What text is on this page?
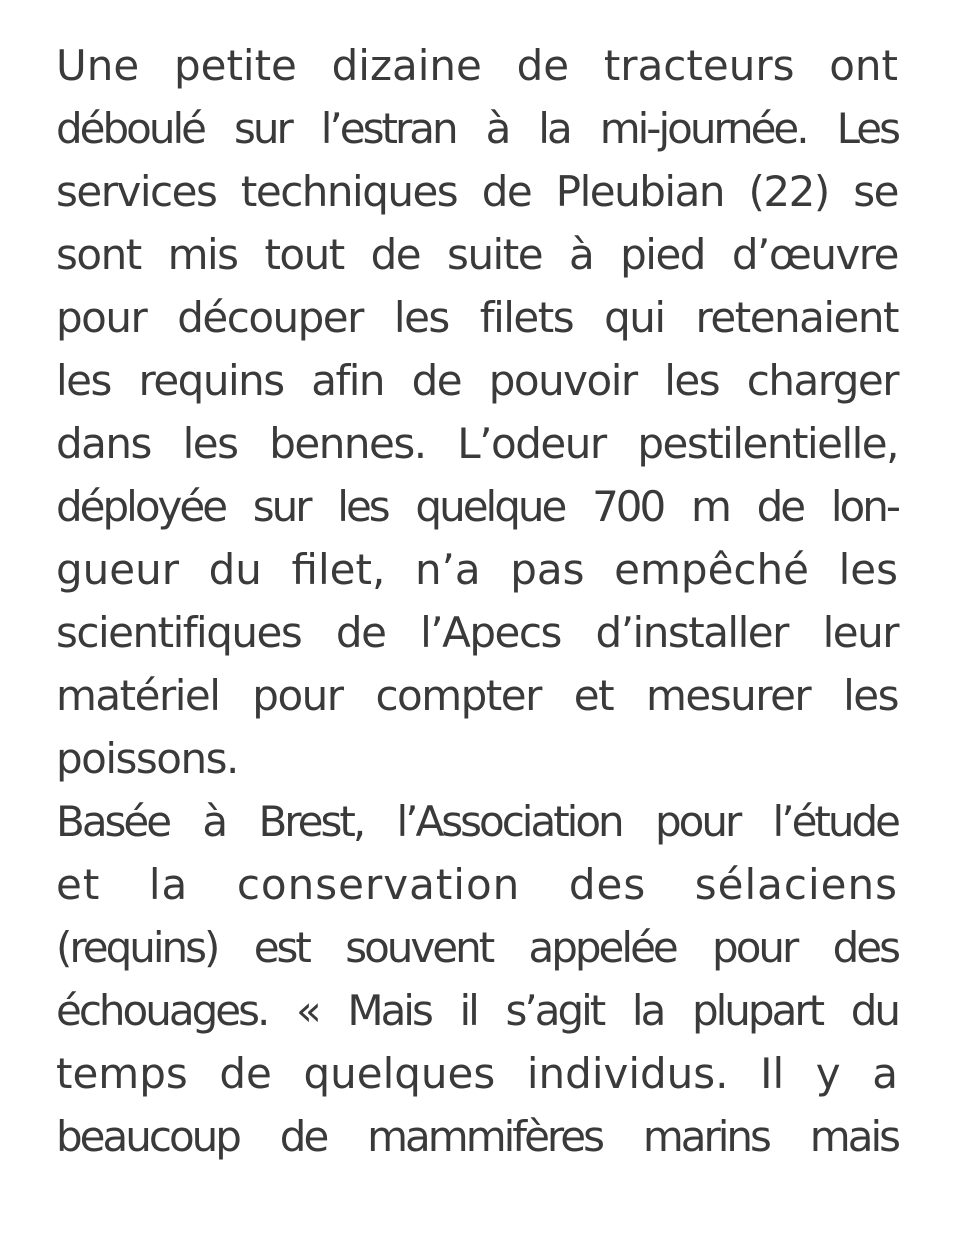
Une petite dizaine de tracteurs ont
déboulé sur l’estran à la mi-journée. Les
services techniques de Pleubian (22) se
sont mis tout de suite à pied d’œuvre
pour découper les filets qui retenaient
les requins afin de pouvoir les charger
dans les bennes. L’odeur pestilentielle,
déployée sur les quelque 700 m de lon-
gueur du filet, n’a pas empêché les
scientifiques de l’Apecs d’installer leur
matériel pour compter et mesurer les
poissons.
Basée à Brest, l’Association pour l’étude
et la conservation des sélaciens
(requins) est souvent appelée pour des
échouages. « Mais il s’agit la plupart du
temps de quelques individus. Il y a
beaucoup de mammifères marins mais
